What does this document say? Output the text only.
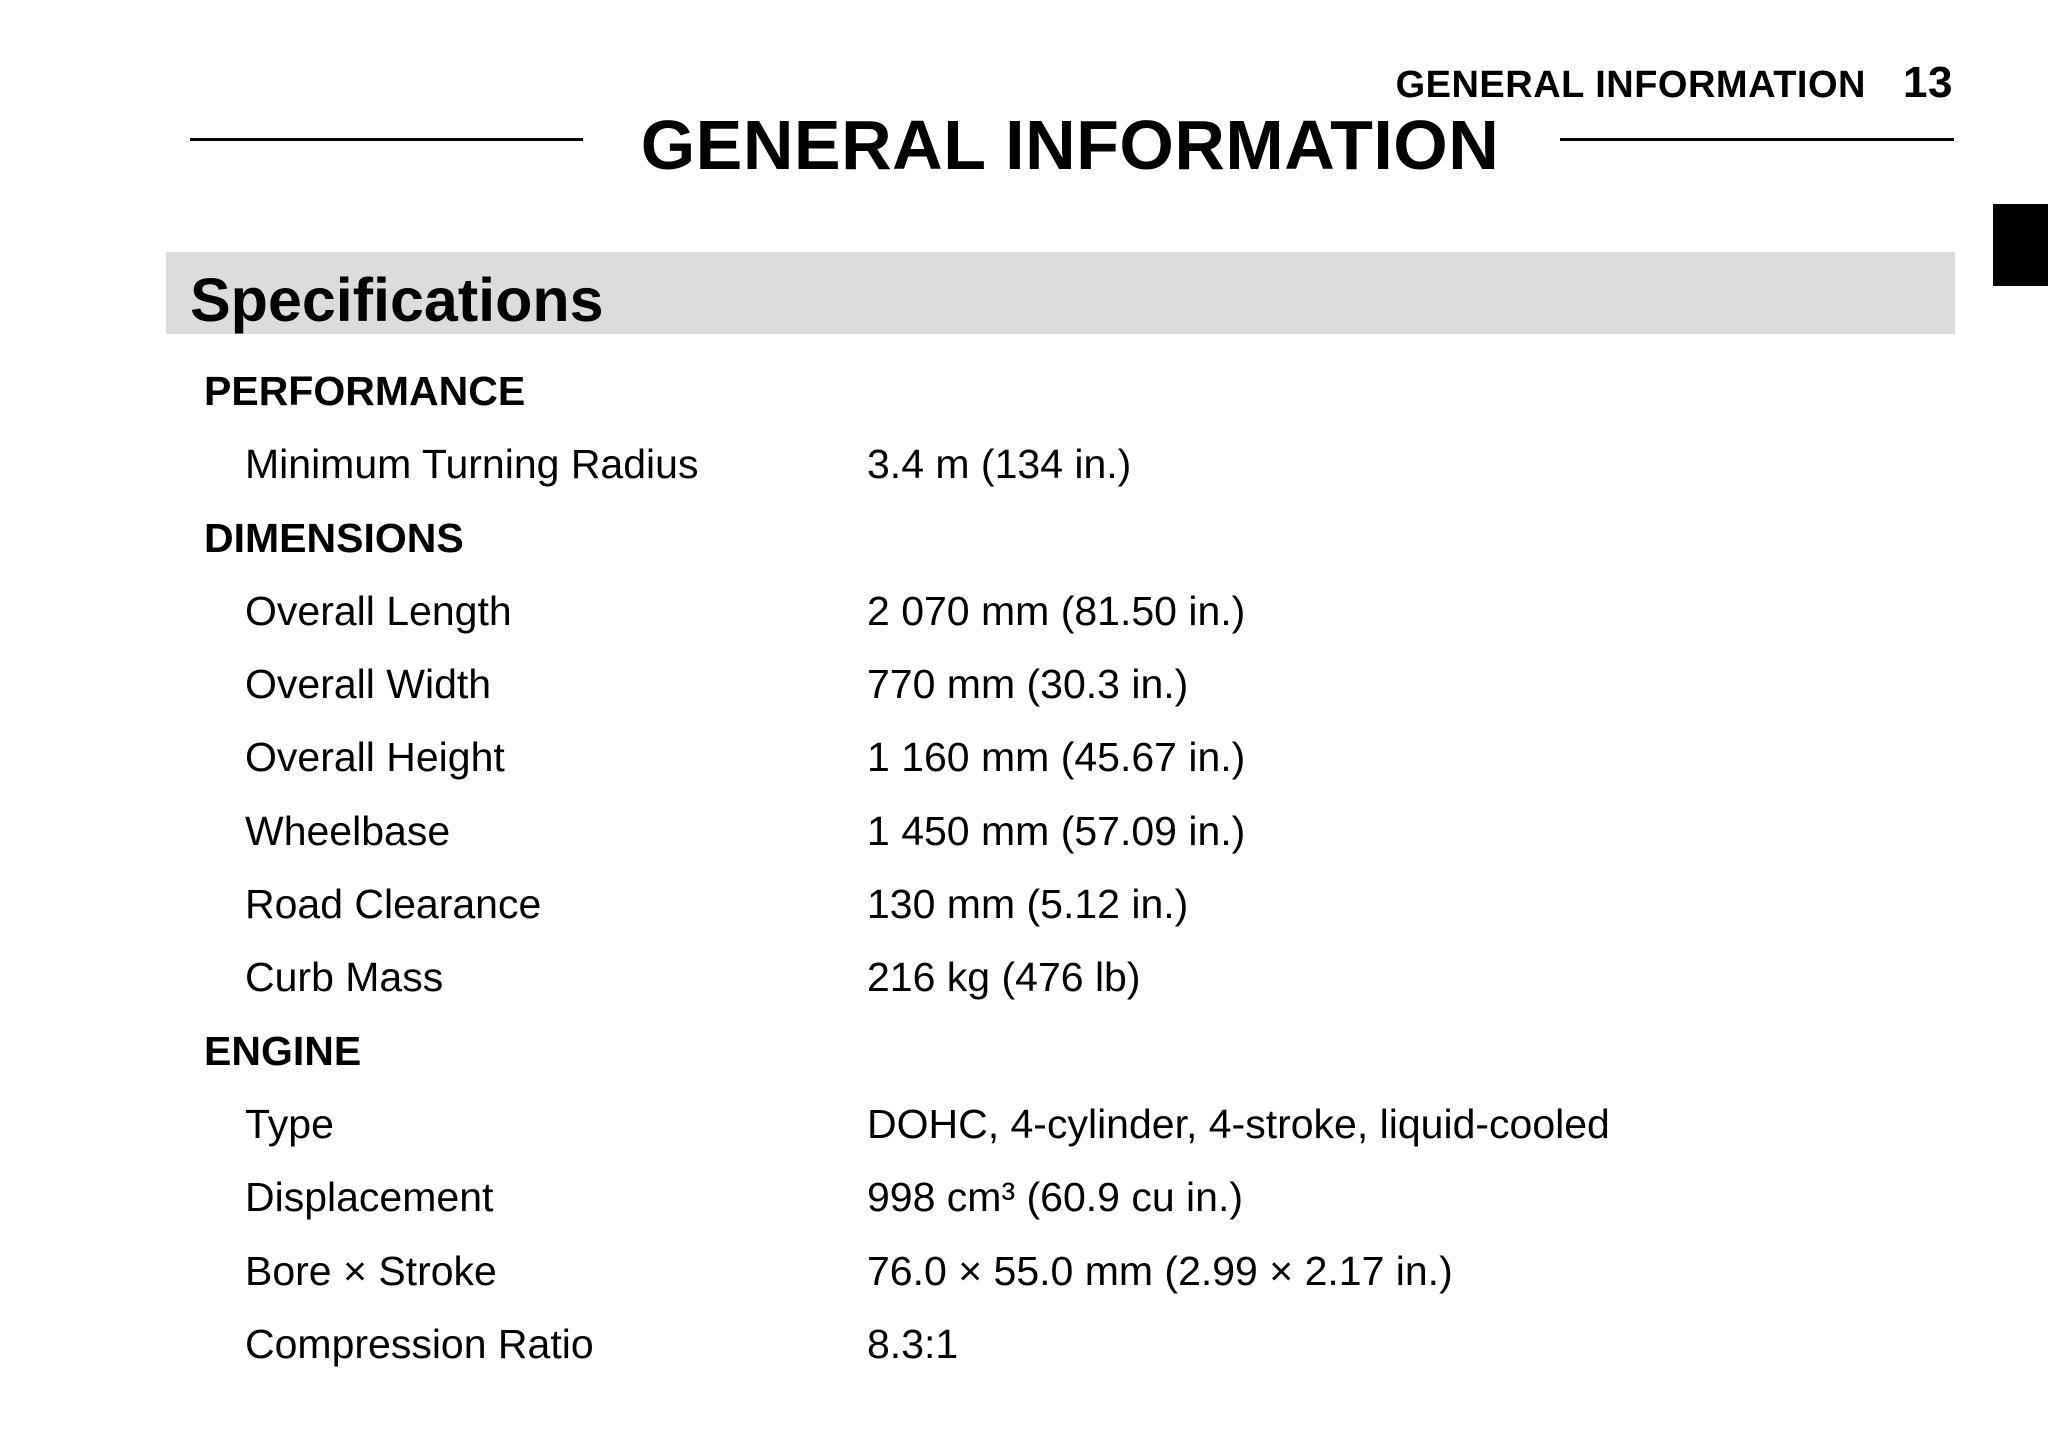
GENERAL INFORMATION 13
GENERAL INFORMATION
Specifications
PERFORMANCE
Minimum Turning Radius	3.4 m (134 in.)
DIMENSIONS
Overall Length	2 070 mm (81.50 in.)
Overall Width	770 mm (30.3 in.)
Overall Height	1 160 mm (45.67 in.)
Wheelbase	1 450 mm (57.09 in.)
Road Clearance	130 mm (5.12 in.)
Curb Mass	216 kg (476 lb)
ENGINE
Type	DOHC, 4-cylinder, 4-stroke, liquid-cooled
Displacement	998 cm³ (60.9 cu in.)
Bore × Stroke	76.0 × 55.0 mm (2.99 × 2.17 in.)
Compression Ratio	8.3:1
